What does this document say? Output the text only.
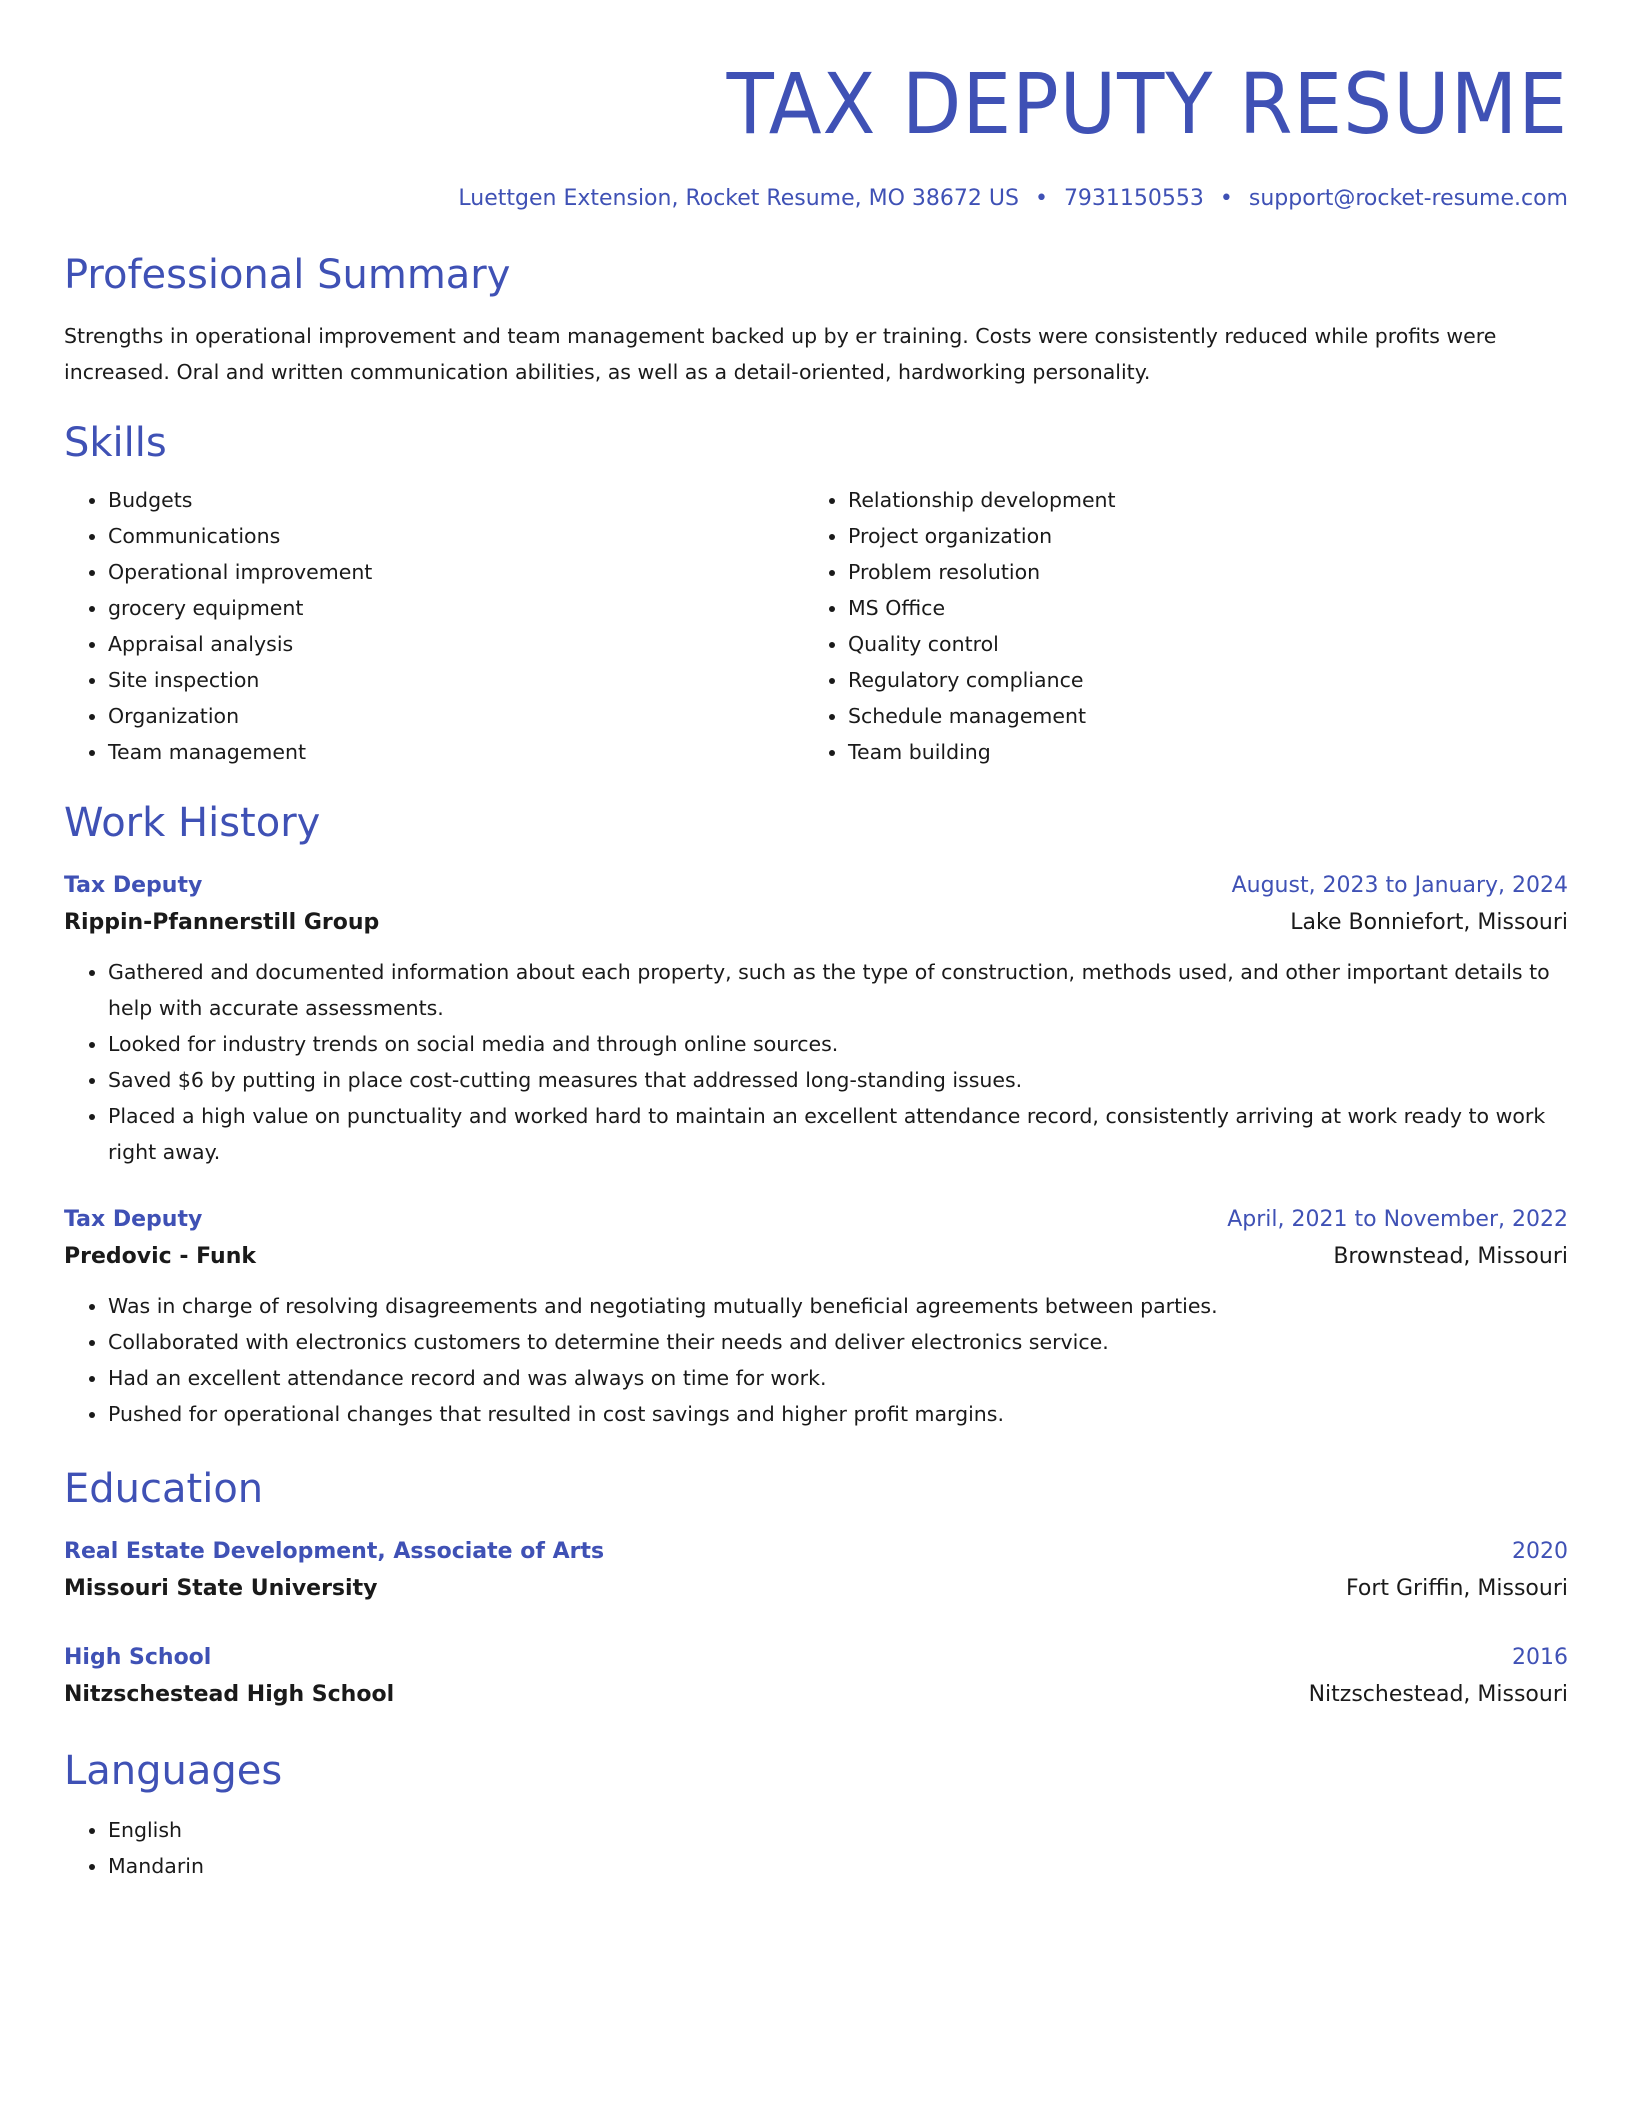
TAX DEPUTY RESUME
Luettgen Extension, Rocket Resume, MO 38672 US • 7931150553 • support@rocket-resume.com
Professional Summary
Strengths in operational improvement and team management backed up by er training. Costs were consistently reduced while profits were increased. Oral and written communication abilities, as well as a detail-oriented, hardworking personality.
Skills
• Budgets
• Communications
• Operational improvement
• grocery equipment
• Appraisal analysis
• Site inspection
• Organization
• Team management
• Relationship development
• Project organization
• Problem resolution
• MS Office
• Quality control
• Regulatory compliance
• Schedule management
• Team building
Work History
Tax Deputy	August, 2023 to January, 2024
Rippin-Pfannerstill Group	Lake Bonniefort, Missouri
• Gathered and documented information about each property, such as the type of construction, methods used, and other important details to help with accurate assessments.
• Looked for industry trends on social media and through online sources.
• Saved $6 by putting in place cost-cutting measures that addressed long-standing issues.
• Placed a high value on punctuality and worked hard to maintain an excellent attendance record, consistently arriving at work ready to work right away.
Tax Deputy	April, 2021 to November, 2022
Predovic - Funk	Brownstead, Missouri
• Was in charge of resolving disagreements and negotiating mutually beneficial agreements between parties.
• Collaborated with electronics customers to determine their needs and deliver electronics service.
• Had an excellent attendance record and was always on time for work.
• Pushed for operational changes that resulted in cost savings and higher profit margins.
Education
Real Estate Development, Associate of Arts	2020
Missouri State University	Fort Griffin, Missouri
High School	2016
Nitzschestead High School	Nitzschestead, Missouri
Languages
• English
• Mandarin
